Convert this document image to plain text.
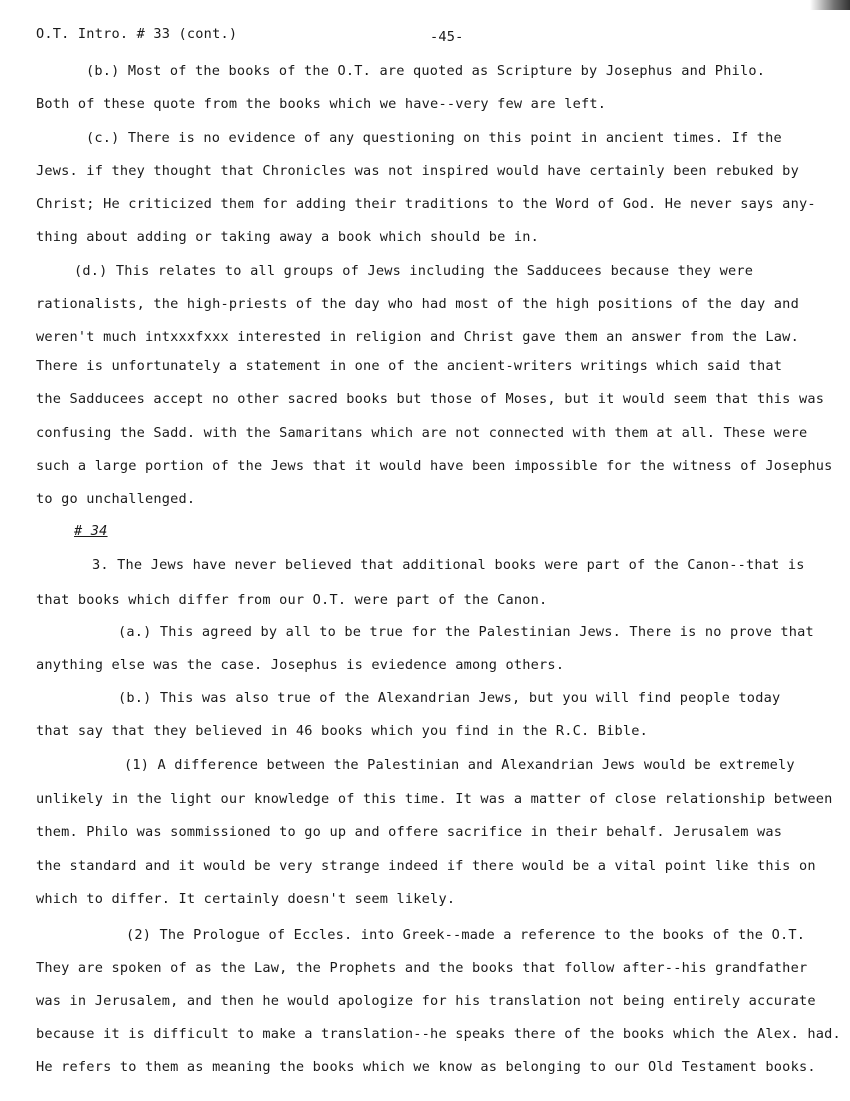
O.T. Intro. # 33 (cont.)	-45-
(b.) Most of the books of the O.T. are quoted as Scripture by Josephus and Philo.
Both of these quote from the books which we have--very few are left.
(c.) There is no evidence of any questioning on this point in ancient times. If the
Jews. if they thought that Chronicles was not inspired would have certainly been rebuked by
Christ; He criticized them for adding their traditions to the Word of God. He never says any-
thing about adding or taking away a book which should be in.
(d.) This relates to all groups of Jews including the Sadducees because they were
rationalists, the high-priests of the day who had most of the high positions of the day and
weren't much intxxxfxxx interested in religion and Christ gave them an answer from the Law.
There is unfortunately a statement in one of the ancient-writers writings which said that
the Sadducees accept no other sacred books but those of Moses, but it would seem that this was
confusing the Sadd. with the Samaritans which are not connected with them at all. These were
such a large portion of the Jews that it would have been impossible for the witness of Josephus
to go unchallenged.
# 34
3. The Jews have never believed that additional books were part of the Canon--that is
that books which differ from our O.T. were part of the Canon.
(a.) This agreed by all to be true for the Palestinian Jews. There is no prove that
anything else was the case. Josephus is eviedence among others.
(b.) This was also true of the Alexandrian Jews, but you will find people today
that say that they believed in 46 books which you find in the R.C. Bible.
(1) A difference between the Palestinian and Alexandrian Jews would be extremely
unlikely in the light our knowledge of this time. It was a matter of close relationship between
them. Philo was sommissioned to go up and offere sacrifice in their behalf. Jerusalem was
the standard and it would be very strange indeed if there would be a vital point like this on
which to differ. It certainly doesn't seem likely.
(2) The Prologue of Eccles. into Greek--made a reference to the books of the O.T.
They are spoken of as the Law, the Prophets and the books that follow after--his grandfather
was in Jerusalem, and then he would apologize for his translation not being entirely accurate
because it is difficult to make a translation--he speaks there of the books which the Alex. had.
He refers to them as meaning the books which we know as belonging to our Old Testament books.
